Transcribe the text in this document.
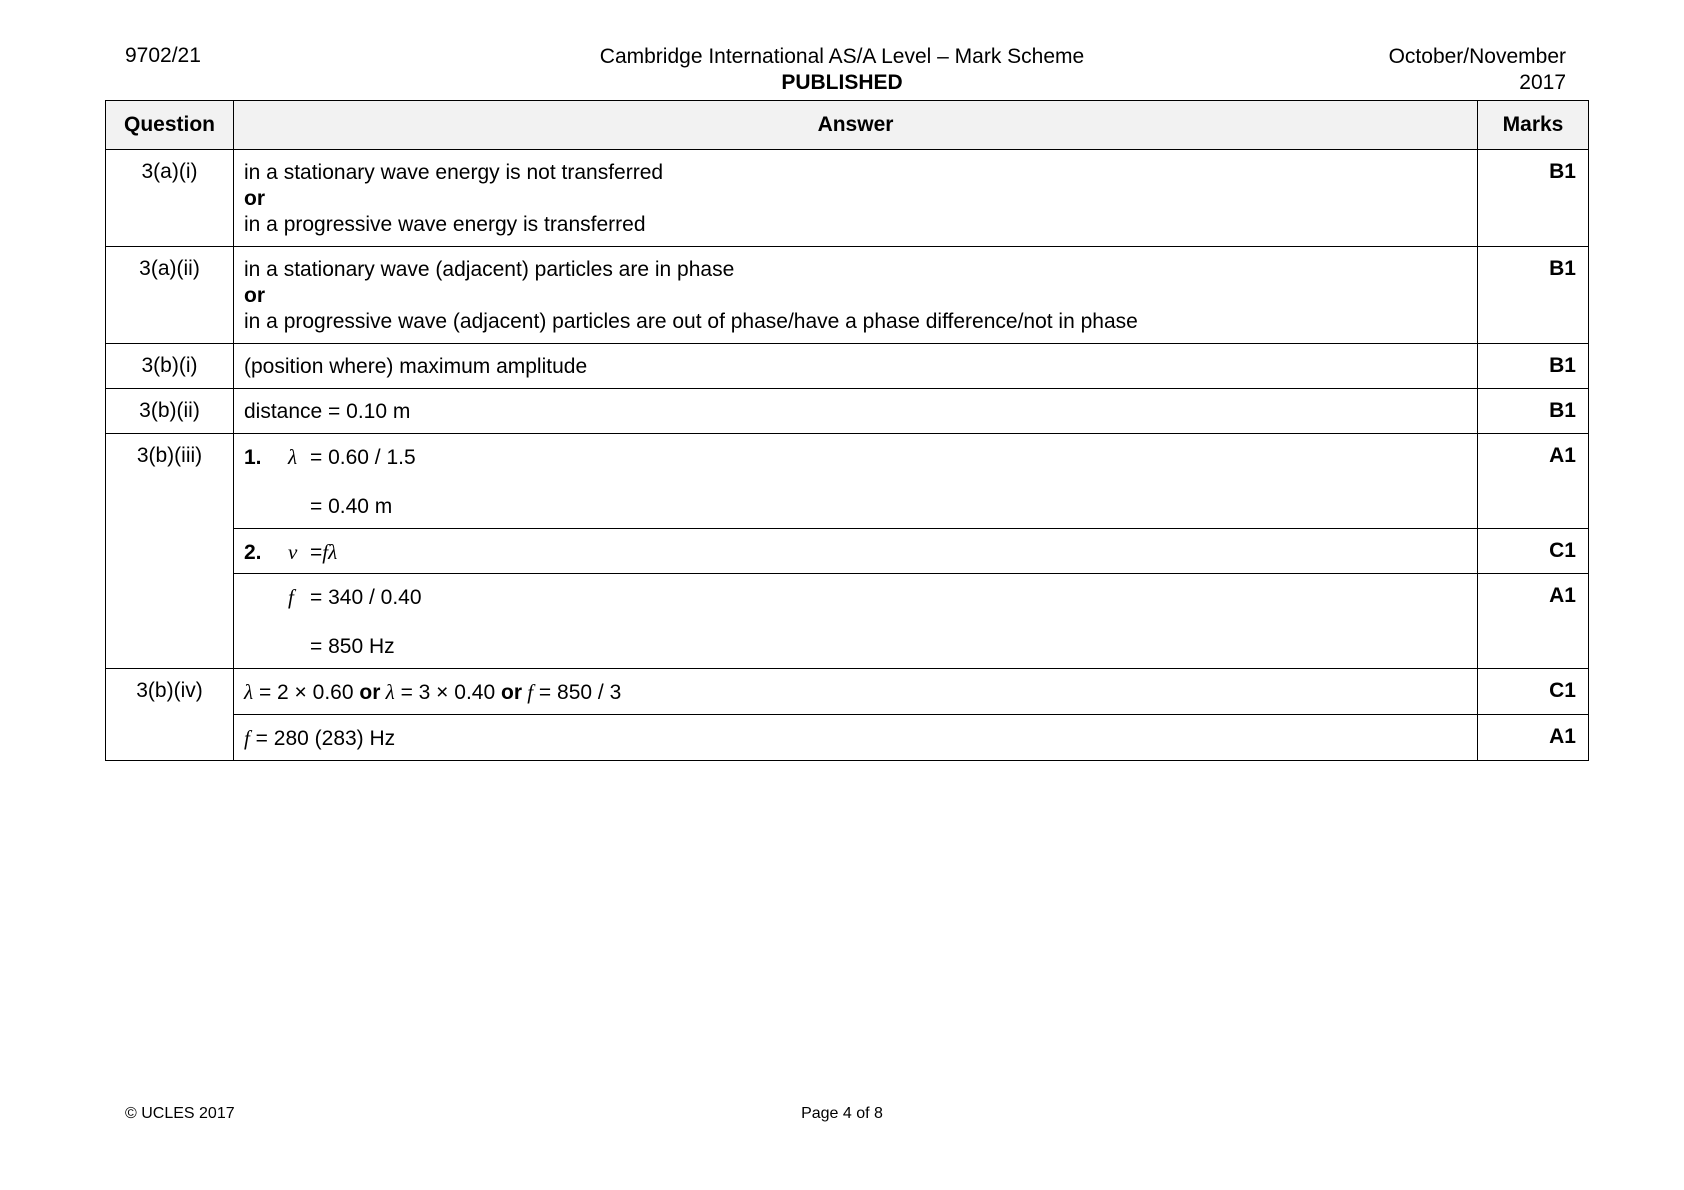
9702/21	Cambridge International AS/A Level – Mark Scheme
PUBLISHED
October/November
2017
Question	Answer	Marks
3(a)(i)	in a stationary wave energy is not transferred
or
in a progressive wave energy is transferred	B1
3(a)(ii)	in a stationary wave (adjacent) particles are in phase
or
in a progressive wave (adjacent) particles are out of phase/have a phase difference/not in phase	B1
3(b)(i)	(position where) maximum amplitude	B1
3(b)(ii)	distance = 0.10 m	B1
3(b)(iii)	1. λ = 0.60 / 1.5
= 0.40 m	A1

	2. v = fλ	C1

	f = 340 / 0.40
= 850 Hz	A1
3(b)(iv)	λ = 2 × 0.60 or λ = 3 × 0.40 or f = 850 / 3	C1

	f = 280 (283) Hz	A1
© UCLES 2017	Page 4 of 8
